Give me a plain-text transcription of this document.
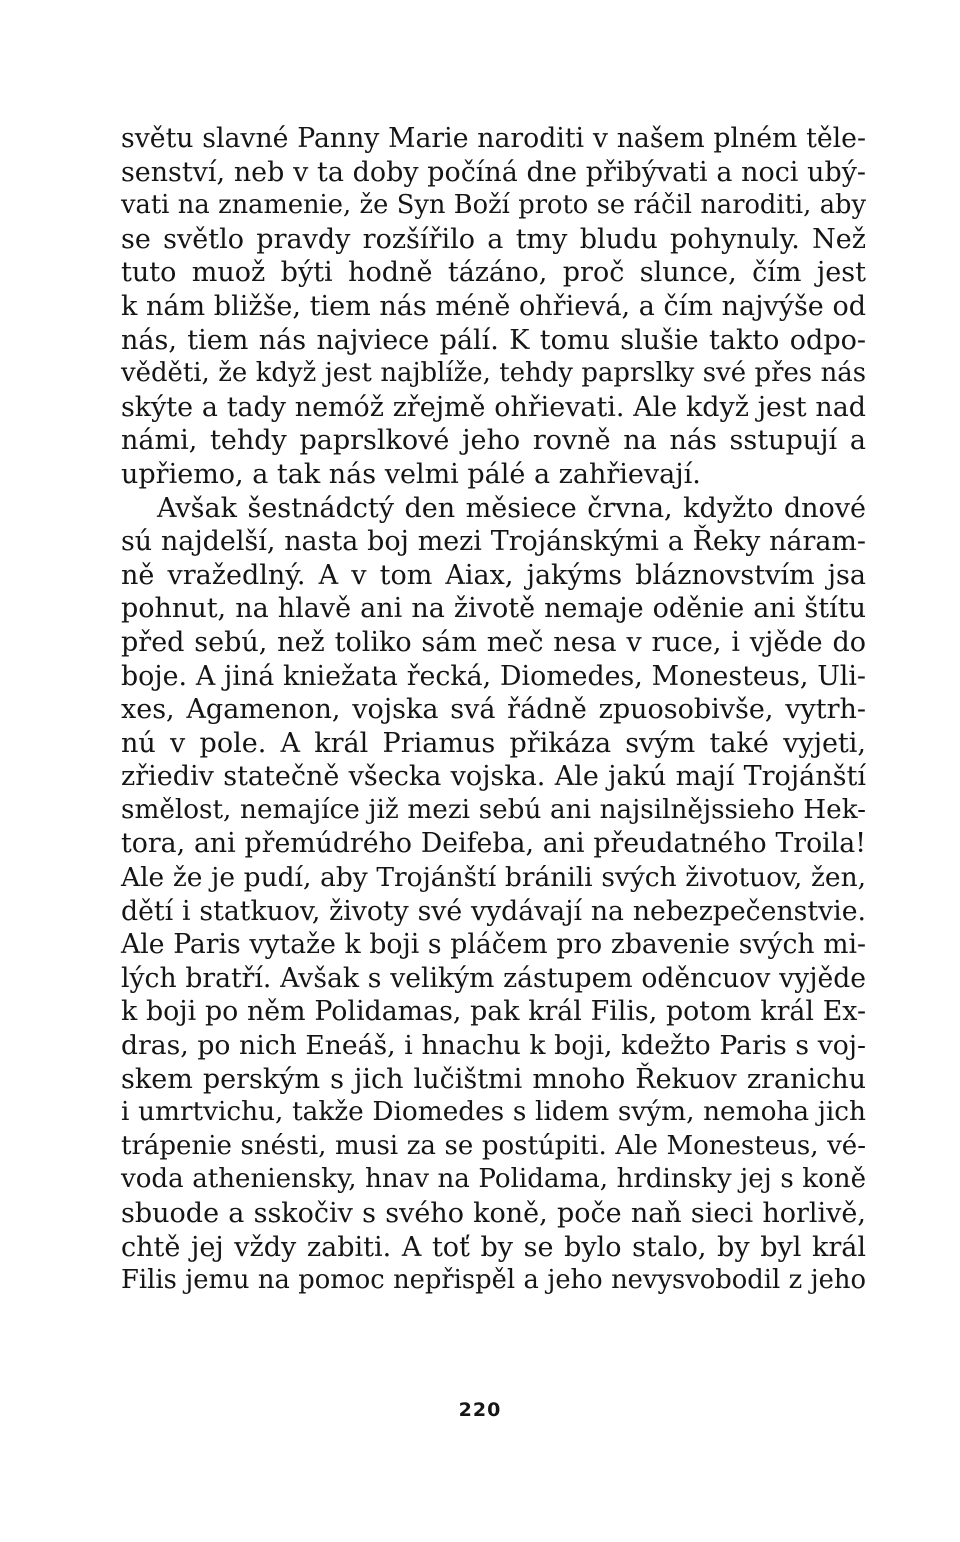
světu slavné Panny Marie naroditi v našem plném těle-
senství, neb v ta doby počíná dne přibývati a noci ubý-
vati na znamenie, že Syn Boží proto se ráčil naroditi, aby
se světlo pravdy rozšířilo a tmy bludu pohynuly. Než
tuto muož býti hodně tázáno, proč slunce, čím jest
k nám bližše, tiem nás méně ohřievá, a čím najvýše od
nás, tiem nás najviece pálí. K tomu slušie takto odpo-
věděti, že když jest najblíže, tehdy paprslky své přes nás
skýte a tady nemóž zřejmě ohřievati. Ale když jest nad
námi, tehdy paprslkové jeho rovně na nás sstupují a
upřiemo, a tak nás velmi pálé a zahřievají.
Avšak šestnádctý den měsiece črvna, kdyžto dnové
sú najdelší, nasta boj mezi Trojánskými a Řeky náram-
ně vražedlný. A v tom Aiax, jakýms bláznovstvím jsa
pohnut, na hlavě ani na životě nemaje oděnie ani štítu
před sebú, než toliko sám meč nesa v ruce, i vjěde do
boje. A jiná kniežata řecká, Diomedes, Monesteus, Uli-
xes, Agamenon, vojska svá řádně zpuosobivše, vytrh-
nú v pole. A král Priamus přikáza svým také vyjeti,
zřiediv statečně všecka vojska. Ale jakú mají Trojánští
smělost, nemajíce již mezi sebú ani najsilnějssieho Hek-
tora, ani přemúdrého Deifeba, ani přeudatného Troila!
Ale že je pudí, aby Trojánští bránili svých životuov, žen,
dětí i statkuov, životy své vydávají na nebezpečenstvie.
Ale Paris vytaže k boji s pláčem pro zbavenie svých mi-
lých bratří. Avšak s velikým zástupem oděncuov vyjěde
k boji po něm Polidamas, pak král Filis, potom král Ex-
dras, po nich Eneáš, i hnachu k boji, kdežto Paris s voj-
skem perským s jich lučištmi mnoho Řekuov zranichu
i umrtvichu, takže Diomedes s lidem svým, nemoha jich
trápenie snésti, musi za se postúpiti. Ale Monesteus, vé-
voda atheniensky, hnav na Polidama, hrdinsky jej s koně
sbuode a sskočiv s svého koně, poče naň sieci horlivě,
chtě jej vždy zabiti. A toť by se bylo stalo, by byl král
Filis jemu na pomoc nepřispěl a jeho nevysvobodil z jeho
220
